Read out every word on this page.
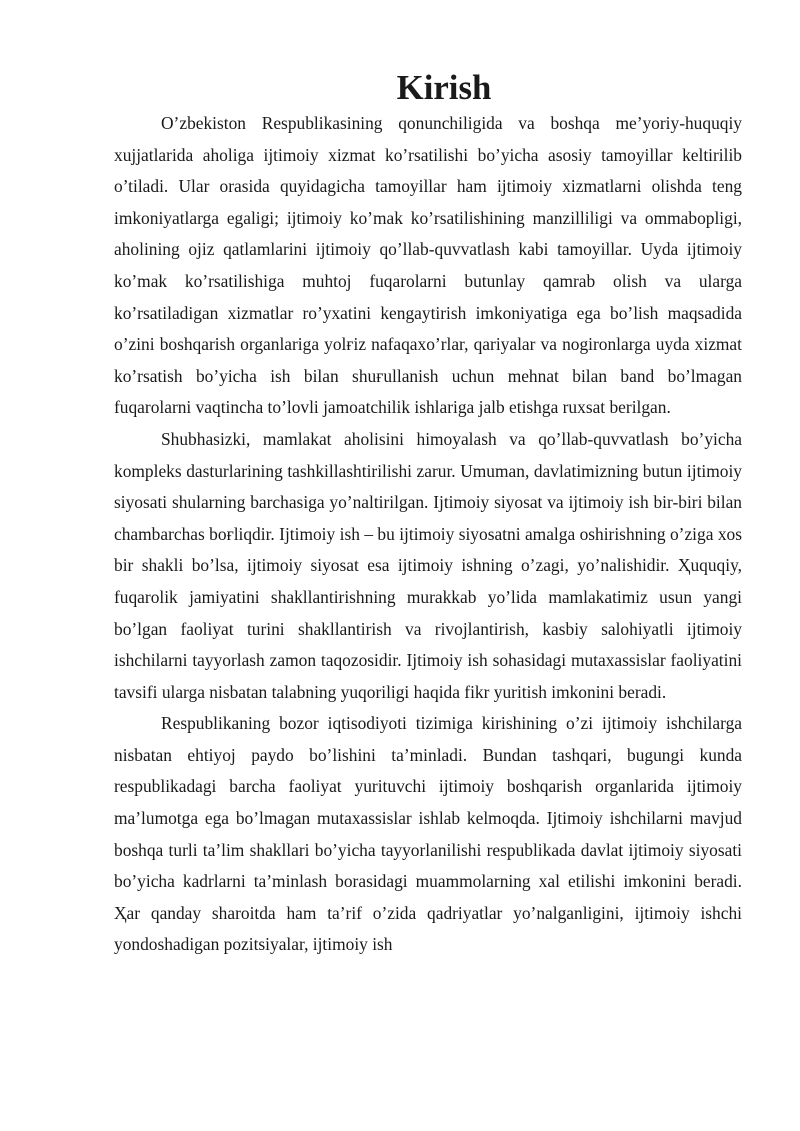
Kirish

O’zbekiston Respublikasining qonunchiligida va boshqa me’yoriy-huquqiy xujjatlarida aholiga ijtimoiy xizmat ko’rsatilishi bo’yicha asosiy tamoyillar keltirilib o’tiladi. Ular orasida quyidagicha tamoyillar ham ijtimoiy xizmatlarni olishda teng imkoniyatlarga egaligi; ijtimoiy ko’mak ko’rsatilishining manzilliligi va ommabopligi, aholining ojiz qatlamlarini ijtimoiy qo’llab-quvvatlash kabi tamoyillar. Uyda ijtimoiy ko’mak ko’rsatilishiga muhtoj fuqarolarni butunlay qamrab olish va ularga ko’rsatiladigan xizmatlar ro’yxatini kengaytirish imkoniyatiga ega bo’lish maqsadida o’zini boshqarish organlariga yolғiz nafaqaxo’rlar, qariyalar va nogironlarga uyda xizmat ko’rsatish bo’yicha ish bilan shuғullanish uchun mehnat bilan band bo’lmagan fuqarolarni vaqtincha to’lovli jamoatchilik ishlariga jalb etishga ruxsat berilgan.

Shubhasizki, mamlakat aholisini himoyalash va qo’llab-quvvatlash bo’yicha kompleks dasturlarining tashkillashtirilishi zarur. Umuman, davlatimizning butun ijtimoiy siyosati shularning barchasiga yo’naltirilgan. Ijtimoiy siyosat va ijtimoiy ish bir-biri bilan chambarchas boғliqdir. Ijtimoiy ish – bu ijtimoiy siyosatni amalga oshirishning o’ziga xos bir shakli bo’lsa, ijtimoiy siyosat esa ijtimoiy ishning o’zagi, yo’nalishidir. Ҳuquqiy, fuqarolik jamiyatini shakllantirishning murakkab yo’lida mamlakatimiz usun yangi bo’lgan faoliyat turini shakllantirish va rivojlantirish, kasbiy salohiyatli ijtimoiy ishchilarni tayyorlash zamon taqozosidir. Ijtimoiy ish sohasidagi mutaxassislar faoliyatini tavsifi ularga nisbatan talabning yuqoriligi haqida fikr yuritish imkonini beradi.

Respublikaning bozor iqtisodiyoti tizimiga kirishining o’zi ijtimoiy ishchilarga nisbatan ehtiyoj paydo bo’lishini ta’minladi. Bundan tashqari, bugungi kunda respublikadagi barcha faoliyat yurituvchi ijtimoiy boshqarish organlarida ijtimoiy ma’lumotga ega bo’lmagan mutaxassislar ishlab kelmoqda. Ijtimoiy ishchilarni mavjud boshqa turli ta’lim shakllari bo’yicha tayyorlanilishi respublikada davlat ijtimoiy siyosati bo’yicha kadrlarni ta’minlash borasidagi muammolarning xal etilishi imkonini beradi. Ҳar qanday sharoitda ham ta’rif o’zida qadriyatlar yo’nalganligini, ijtimoiy ishchi yondoshadigan pozitsiyalar, ijtimoiy ish
